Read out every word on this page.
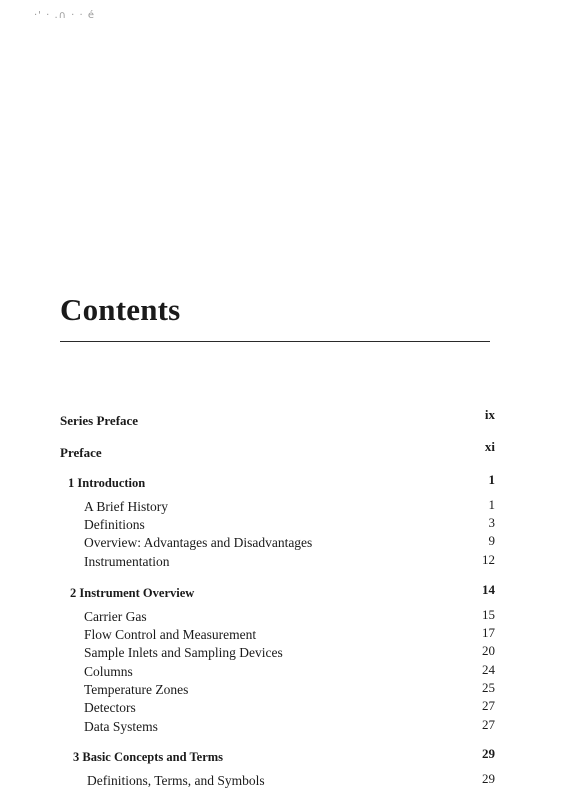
·' · .∩ · · é
Contents
Series Preface	ix
Preface	xi
1 Introduction	1
A Brief History	1
Definitions	3
Overview: Advantages and Disadvantages	9
Instrumentation	12
2 Instrument Overview	14
Carrier Gas	15
Flow Control and Measurement	17
Sample Inlets and Sampling Devices	20
Columns	24
Temperature Zones	25
Detectors	27
Data Systems	27
3 Basic Concepts and Terms	29
Definitions, Terms, and Symbols	29
